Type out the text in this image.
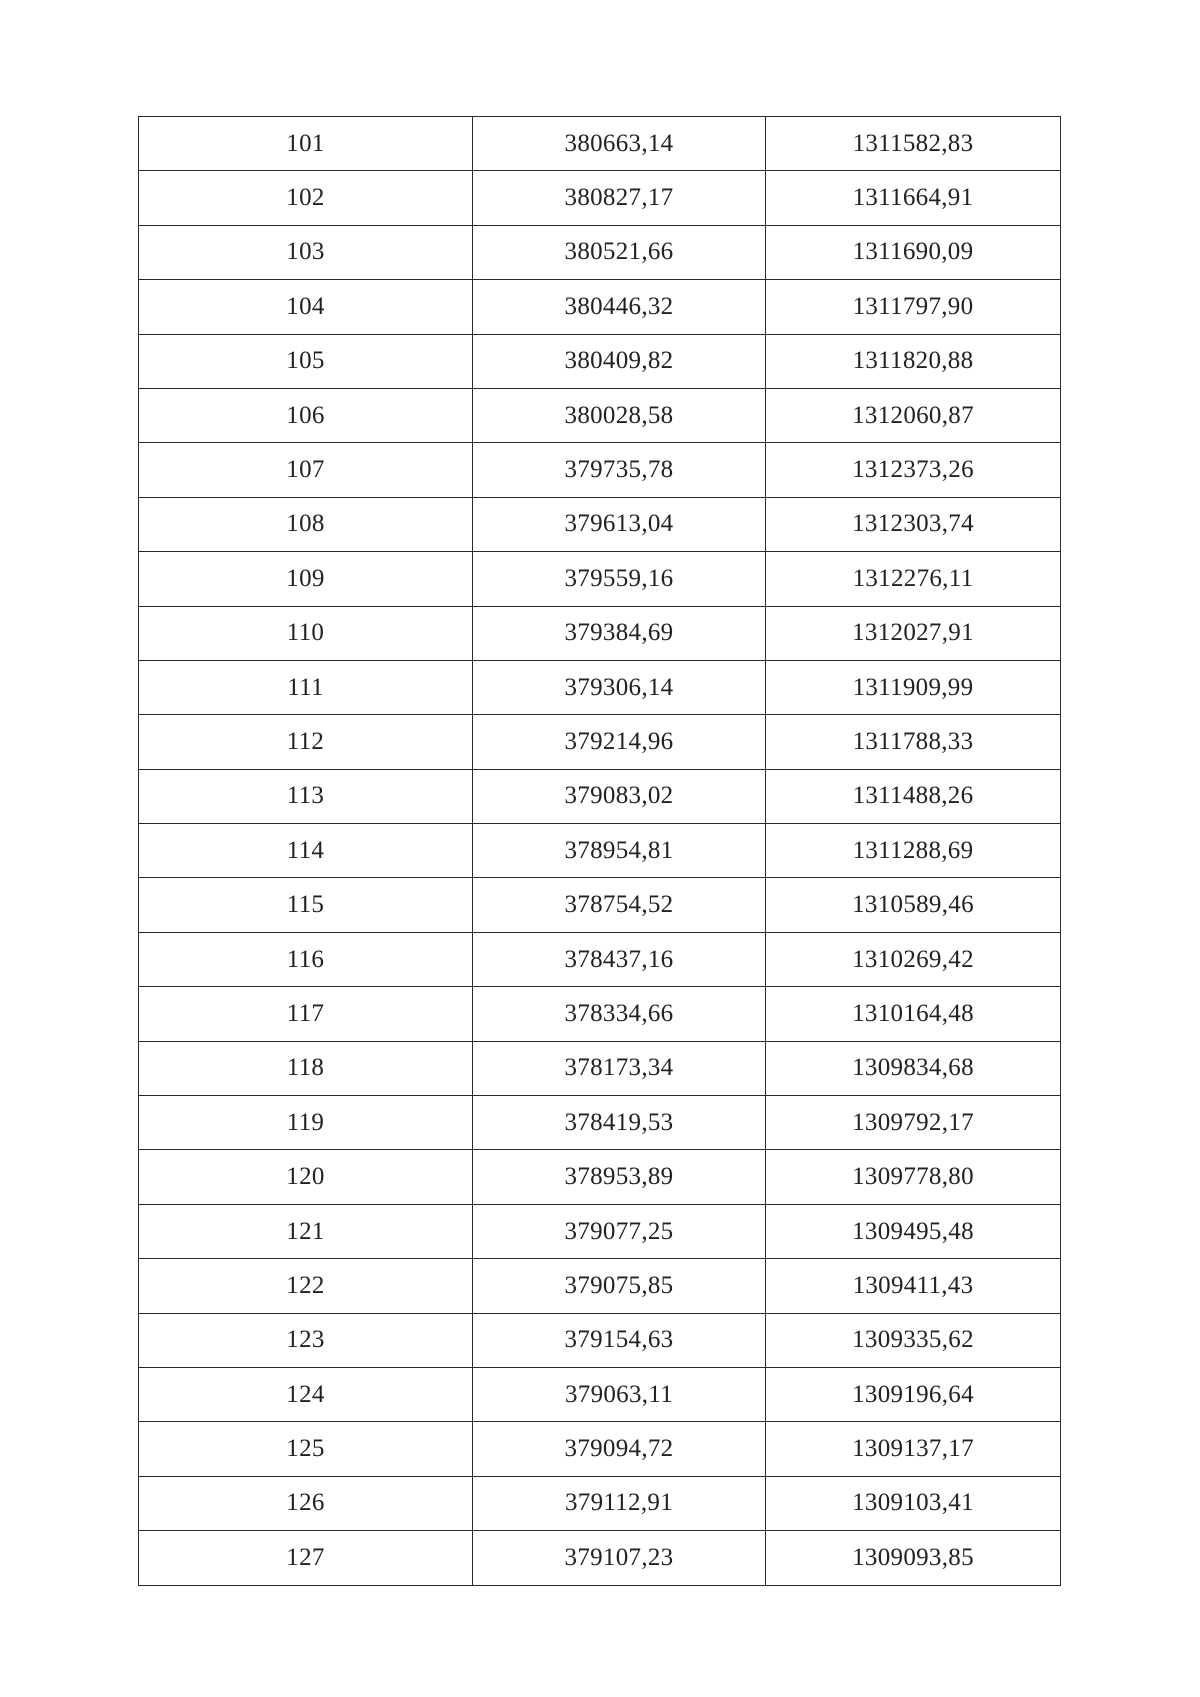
101	380663,14	1311582,83
102	380827,17	1311664,91
103	380521,66	1311690,09
104	380446,32	1311797,90
105	380409,82	1311820,88
106	380028,58	1312060,87
107	379735,78	1312373,26
108	379613,04	1312303,74
109	379559,16	1312276,11
110	379384,69	1312027,91
111	379306,14	1311909,99
112	379214,96	1311788,33
113	379083,02	1311488,26
114	378954,81	1311288,69
115	378754,52	1310589,46
116	378437,16	1310269,42
117	378334,66	1310164,48
118	378173,34	1309834,68
119	378419,53	1309792,17
120	378953,89	1309778,80
121	379077,25	1309495,48
122	379075,85	1309411,43
123	379154,63	1309335,62
124	379063,11	1309196,64
125	379094,72	1309137,17
126	379112,91	1309103,41
127	379107,23	1309093,85
